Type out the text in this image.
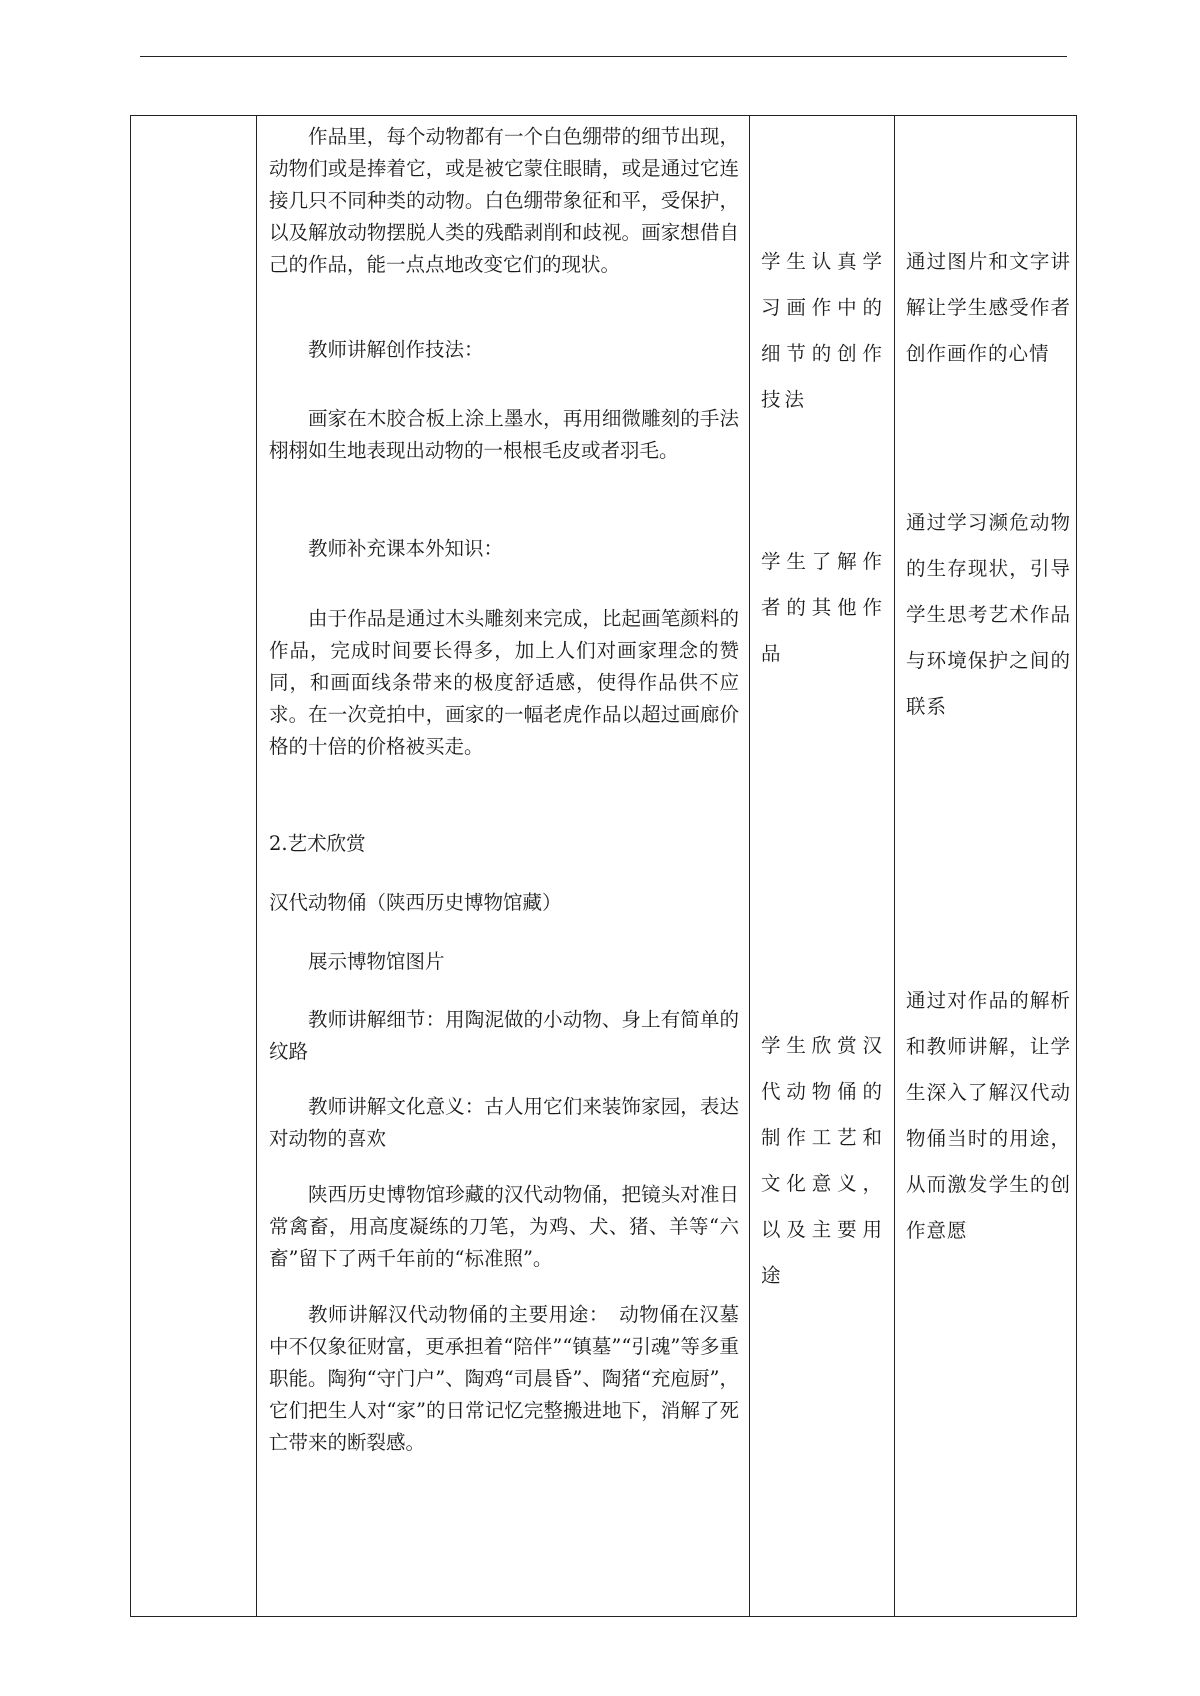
作品里，每个动物都有一个白色绷带的细节出现，动物们或是捧着它，或是被它蒙住眼睛，或是通过它连接几只不同种类的动物。白色绷带象征和平，受保护，以及解放动物摆脱人类的残酷剥削和歧视。画家想借自己的作品，能一点点地改变它们的现状。

教师讲解创作技法：

画家在木胶合板上涂上墨水，再用细微雕刻的手法栩栩如生地表现出动物的一根根毛皮或者羽毛。

教师补充课本外知识：

由于作品是通过木头雕刻来完成，比起画笔颜料的作品，完成时间要长得多，加上人们对画家理念的赞同，和画面线条带来的极度舒适感，使得作品供不应求。在一次竞拍中，画家的一幅老虎作品以超过画廊价格的十倍的价格被买走。

2.艺术欣赏

汉代动物俑（陕西历史博物馆藏）

展示博物馆图片

教师讲解细节：用陶泥做的小动物、身上有简单的纹路

教师讲解文化意义：古人用它们来装饰家园，表达对动物的喜欢

陕西历史博物馆珍藏的汉代动物俑，把镜头对准日常禽畜，用高度凝练的刀笔，为鸡、犬、猪、羊等“六畜”留下了两千年前的“标准照”。

教师讲解汉代动物俑的主要用途：　动物俑在汉墓中不仅象征财富，更承担着“陪伴”“镇墓”“引魂”等多重职能。陶狗“守门户”、陶鸡“司晨昏”、陶猪“充庖厨”，它们把生人对“家”的日常记忆完整搬进地下，消解了死亡带来的断裂感。

学生认真学习画作中的细节的创作技法

学生了解作者的其他作品

学生欣赏汉代动物俑的制作工艺和文化意义，以及主要用途

通过图片和文字讲解让学生感受作者创作画作的心情

通过学习濒危动物的生存现状，引导学生思考艺术作品与环境保护之间的联系

通过对作品的解析和教师讲解，让学生深入了解汉代动物俑当时的用途，从而激发学生的创作意愿
